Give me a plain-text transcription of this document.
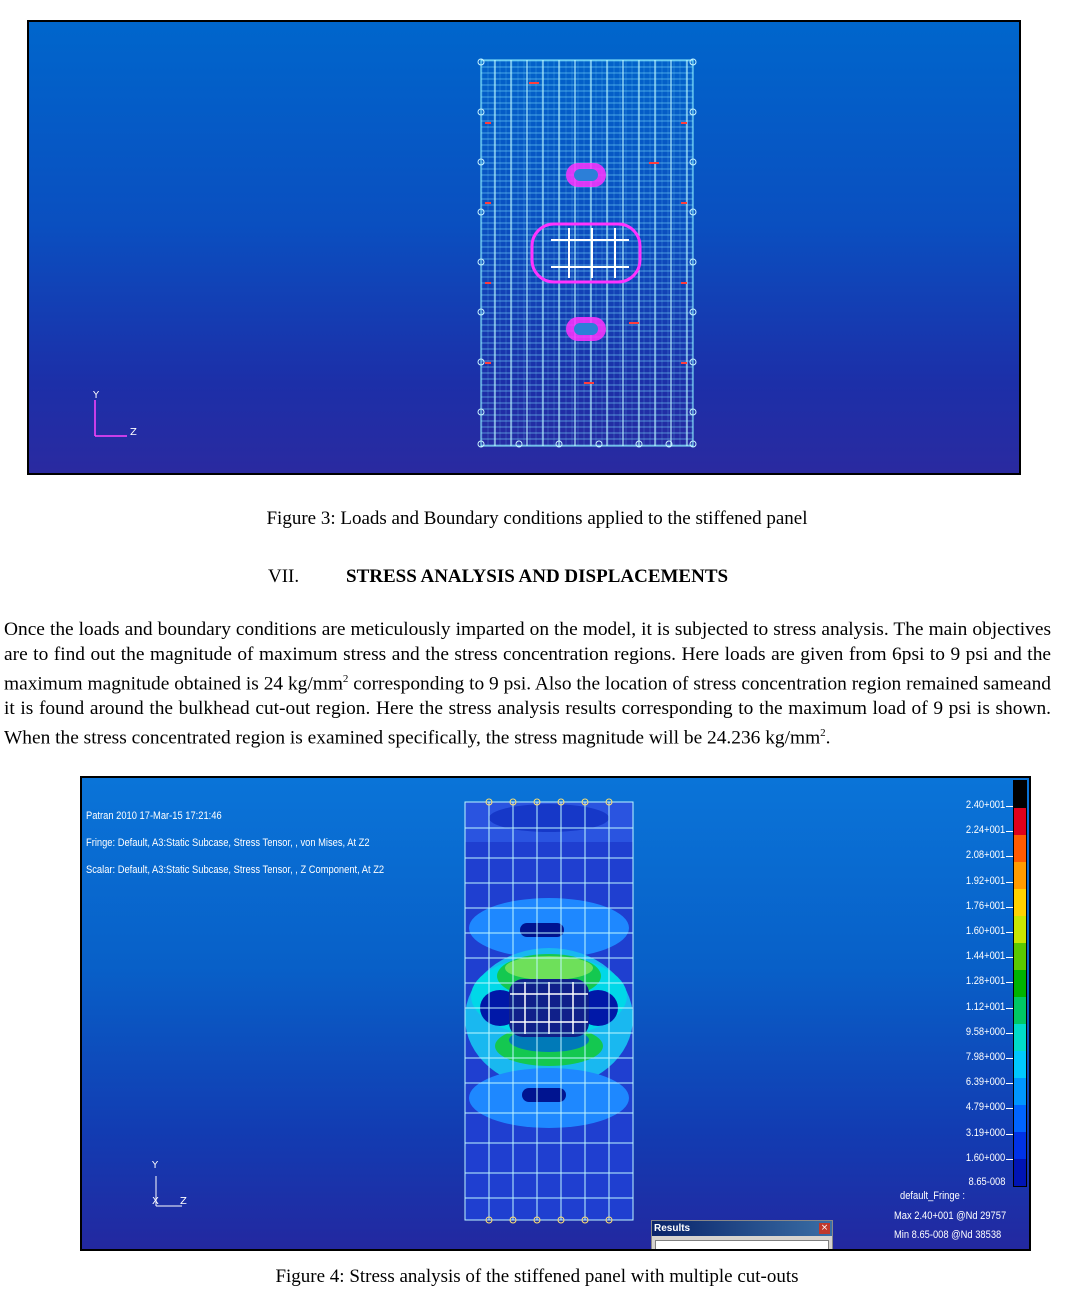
Y
Z
Figure 3: Loads and Boundary conditions applied to the stiffened panel
VII. STRESS ANALYSIS AND DISPLACEMENTS
Once the loads and boundary conditions are meticulously imparted on the model, it is subjected to stress analysis. The main objectives are to find out the magnitude of maximum stress and the stress concentration regions. Here loads are given from 6psi to 9 psi and the maximum magnitude obtained is 24 $kg/mm^2$ corresponding to 9 psi. Also the location of stress concentration region remained sameand it is found around the bulkhead cut-out region. Here the stress analysis results corresponding to the maximum load of 9 psi is shown. When the stress concentrated region is examined specifically, the stress magnitude will be 24.236 $kg/mm^2$.
Patran 2010 17-Mar-15 17:21:46
Fringe: Default, A3:Static Subcase, Stress Tensor, , von Mises, At Z2
Scalar: Default, A3:Static Subcase, Stress Tensor, , Z Component, At Z2
Y
X Z
2.40+001
2.24+001
2.08+001
1.92+001
1.76+001
1.60+001
1.44+001
1.28+001
1.12+001
9.58+000
7.98+000
6.39+000
4.79+000
3.19+000
1.60+000
8.65-008
default_Fringe :
Max 2.40+001 @Nd 29757
Min 8.65-008 @Nd 38538
Results	×
Figure 4: Stress analysis of the stiffened panel with multiple cut-outs
